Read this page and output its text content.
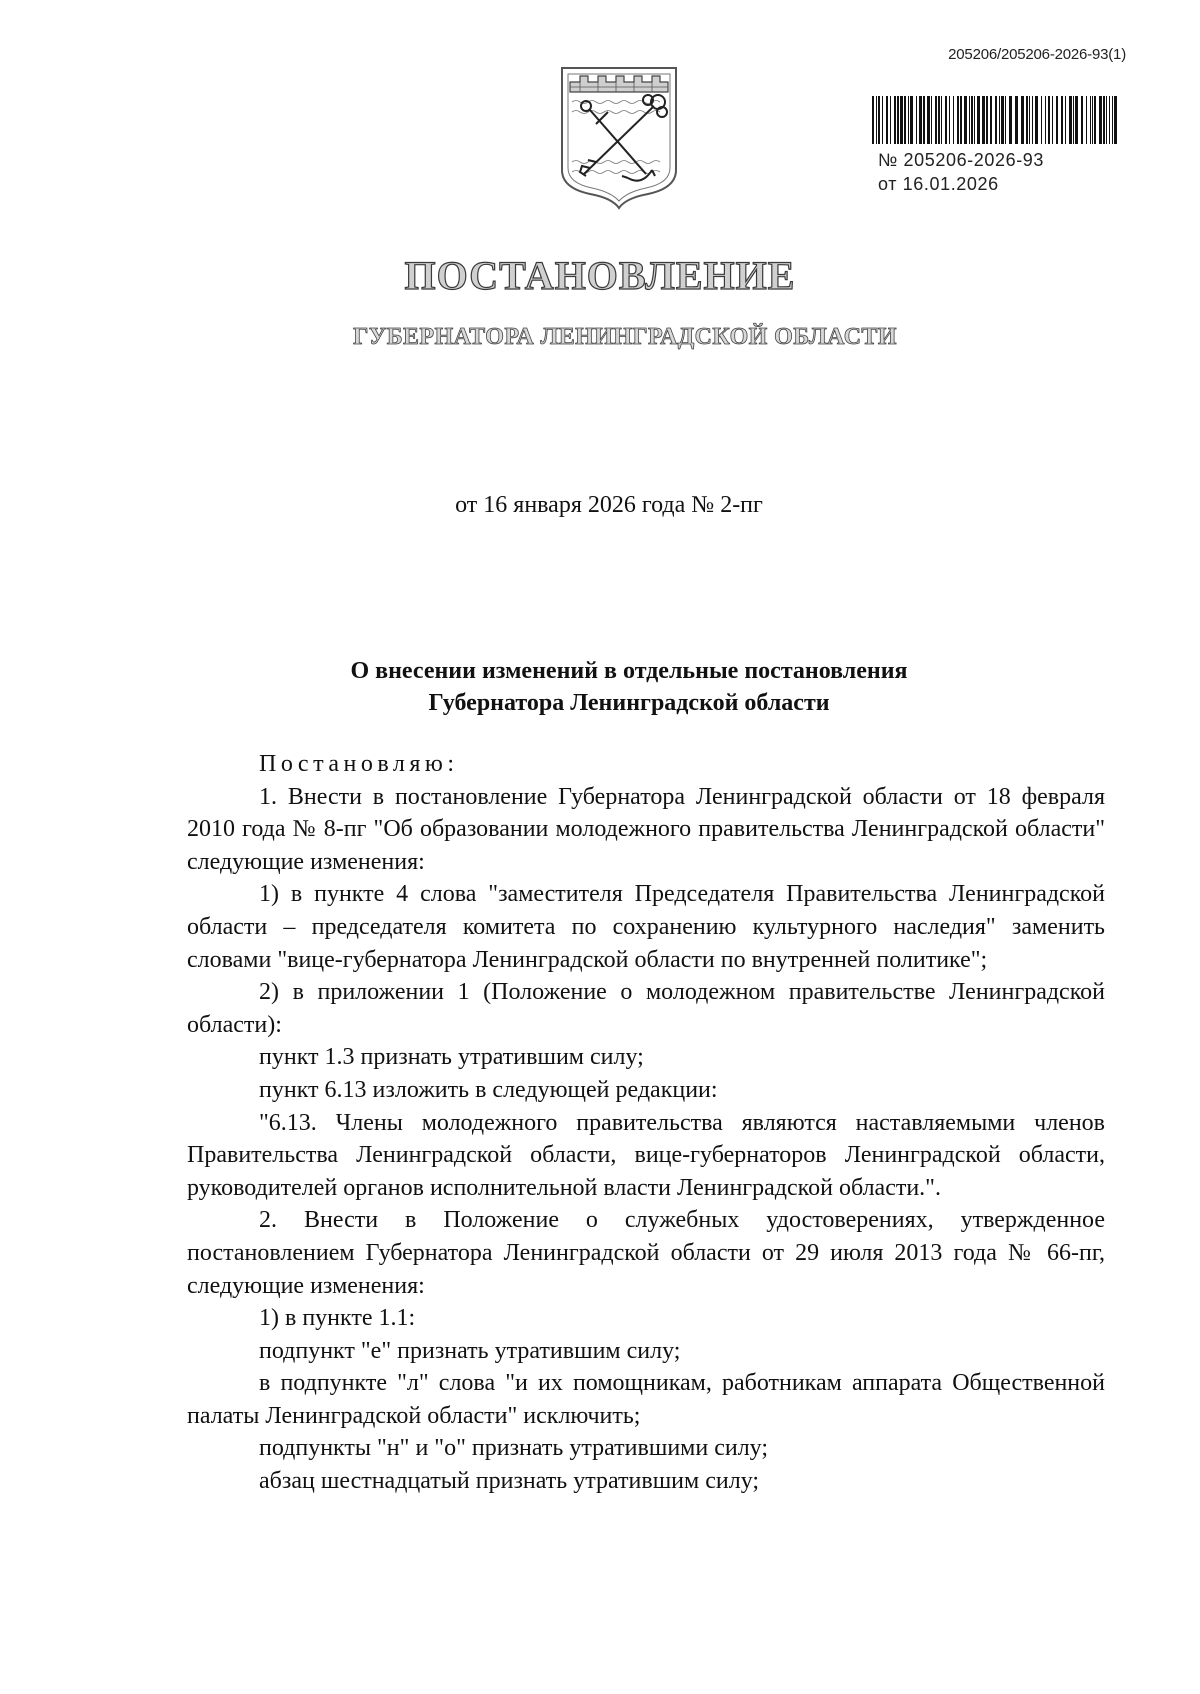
205206/205206-2026-93(1)
№ 205206-2026-93
от 16.01.2026
ПОСТАНОВЛЕНИЕ
ГУБЕРНАТОРА ЛЕНИНГРАДСКОЙ ОБЛАСТИ
от 16 января 2026 года № 2-пг
О внесении изменений в отдельные постановления
Губернатора Ленинградской области

Постановляю:

1. Внести в постановление Губернатора Ленинградской области от 18 февраля 2010 года № 8-пг "Об образовании молодежного правительства Ленинградской области" следующие изменения:

1) в пункте 4 слова "заместителя Председателя Правительства Ленинградской области – председателя комитета по сохранению культурного наследия" заменить словами "вице-губернатора Ленинградской области по внутренней политике";

2) в приложении 1 (Положение о молодежном правительстве Ленинградской области):

пункт 1.3 признать утратившим силу;

пункт 6.13 изложить в следующей редакции:

"6.13. Члены молодежного правительства являются наставляемыми членов Правительства Ленинградской области, вице-губернаторов Ленинградской области, руководителей органов исполнительной власти Ленинградской области.".

2. Внести в Положение о служебных удостоверениях, утвержденное постановлением Губернатора Ленинградской области от 29 июля 2013 года № 66-пг, следующие изменения:

1) в пункте 1.1:

подпункт "е" признать утратившим силу;

в подпункте "л" слова "и их помощникам, работникам аппарата Общественной палаты Ленинградской области" исключить;

подпункты "н" и "о" признать утратившими силу;

абзац шестнадцатый признать утратившим силу;
